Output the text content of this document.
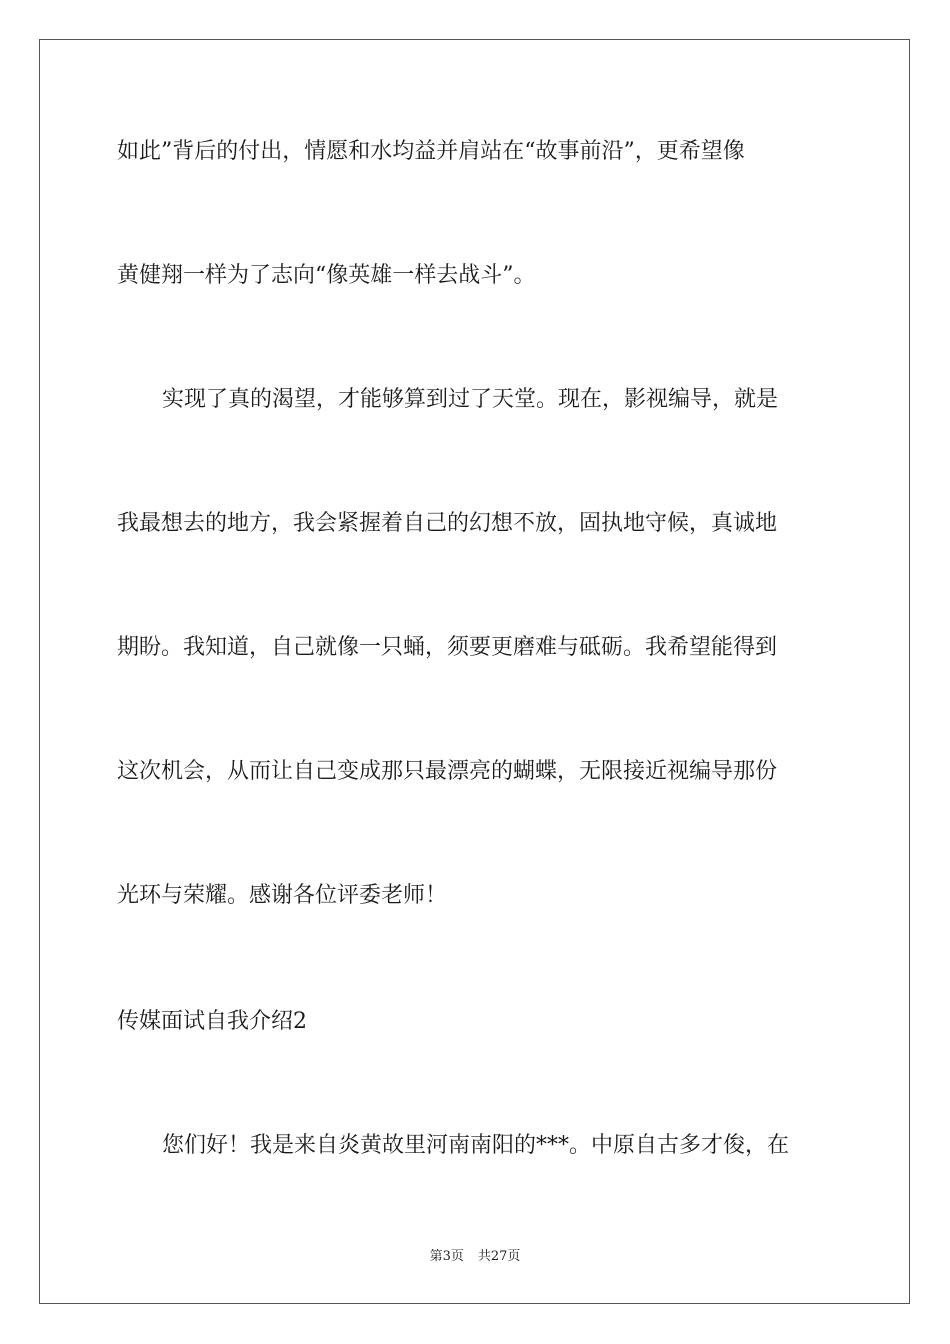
如此”背后的付出，情愿和水均益并肩站在“故事前沿”，更希望像
黄健翔一样为了志向“像英雄一样去战斗”。
实现了真的渴望，才能够算到过了天堂。现在，影视编导，就是
我最想去的地方，我会紧握着自己的幻想不放，固执地守候，真诚地
期盼。我知道，自己就像一只蛹，须要更磨难与砥砺。我希望能得到
这次机会，从而让自己变成那只最漂亮的蝴蝶，无限接近视编导那份
光环与荣耀。感谢各位评委老师！
传媒面试自我介绍2
您们好！我是来自炎黄故里河南南阳的***。中原自古多才俊，在
第3页 共27页
